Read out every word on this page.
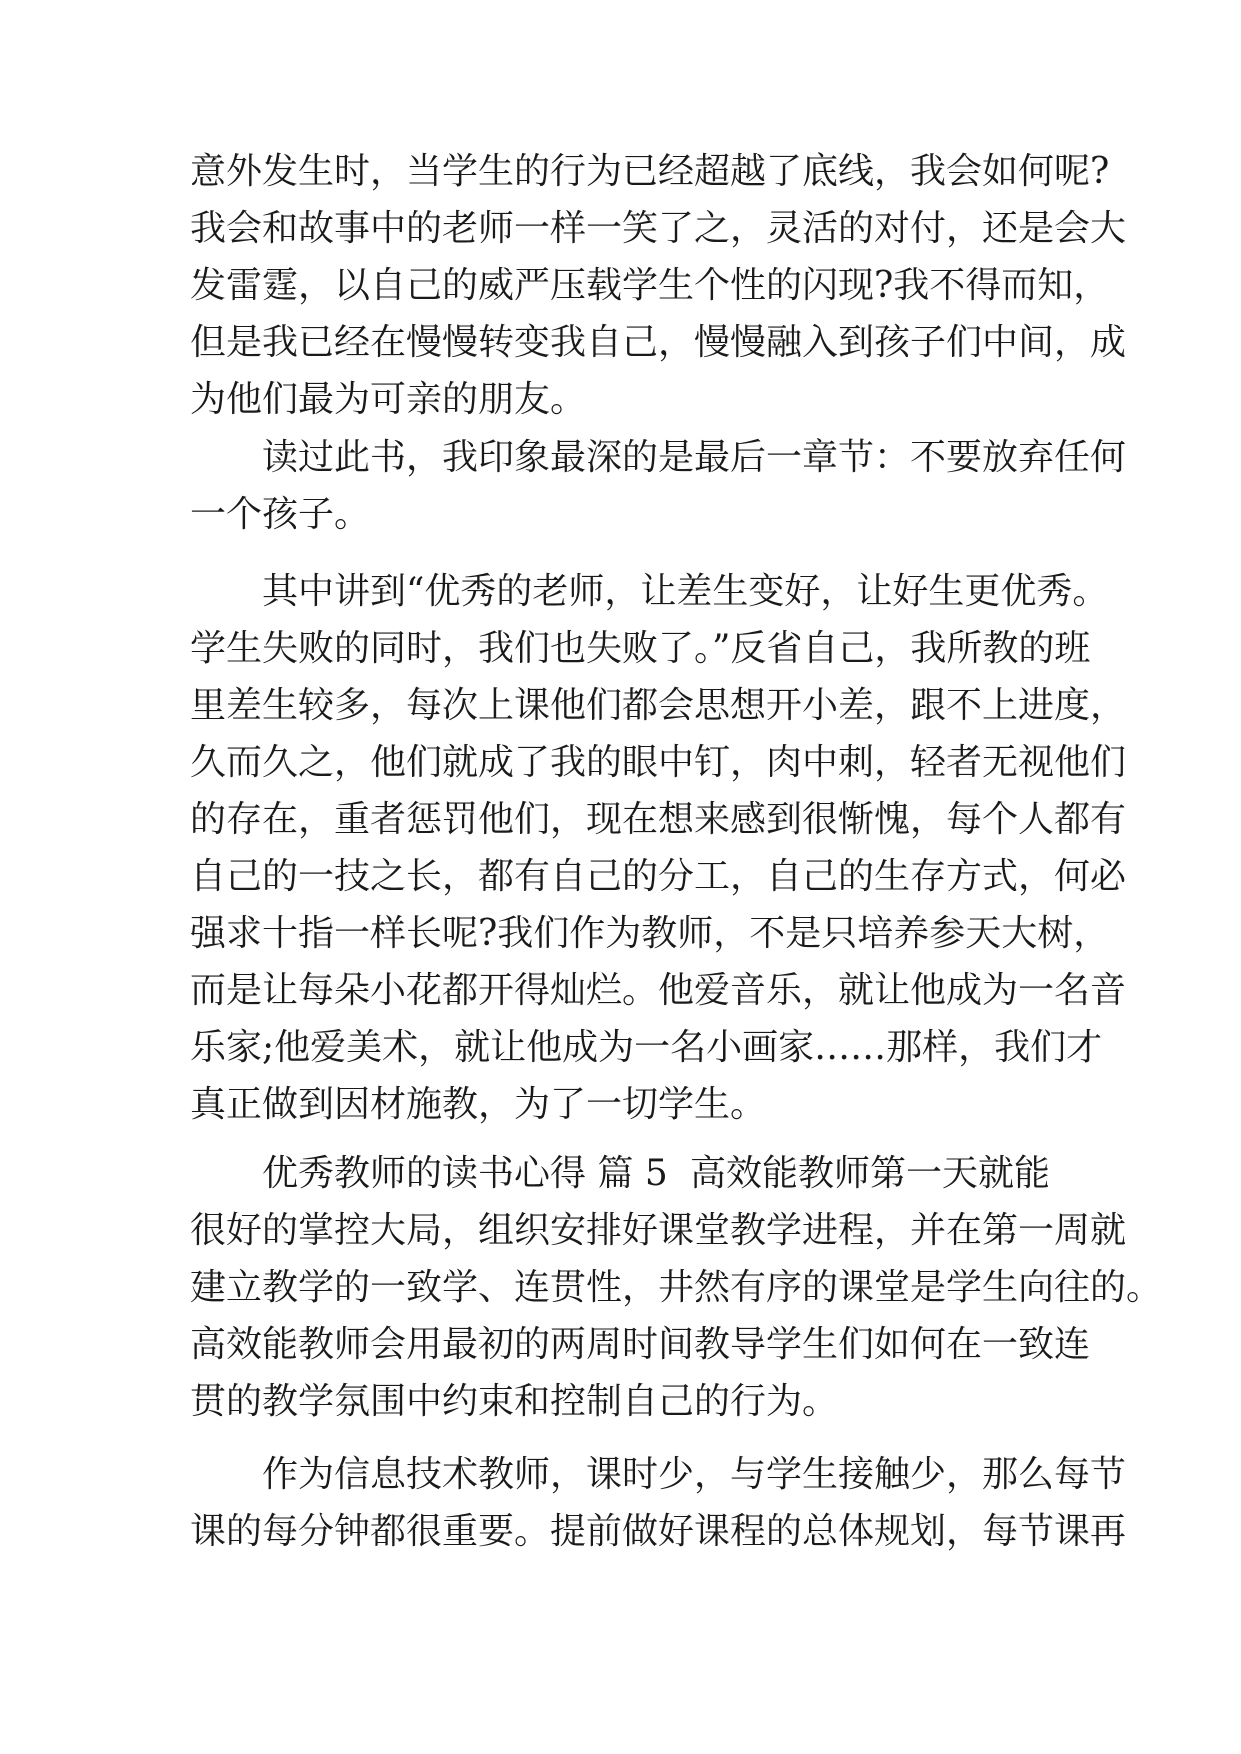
意外发生时，当学生的行为已经超越了底线，我会如何呢?
我会和故事中的老师一样一笑了之，灵活的对付，还是会大
发雷霆，以自己的威严压载学生个性的闪现?我不得而知，
但是我已经在慢慢转变我自己，慢慢融入到孩子们中间，成
为他们最为可亲的朋友。
读过此书，我印象最深的是最后一章节：不要放弃任何
一个孩子。
其中讲到“优秀的老师，让差生变好，让好生更优秀。
学生失败的同时，我们也失败了。”反省自己，我所教的班
里差生较多，每次上课他们都会思想开小差，跟不上进度，
久而久之，他们就成了我的眼中钉，肉中刺，轻者无视他们
的存在，重者惩罚他们，现在想来感到很惭愧，每个人都有
自己的一技之长，都有自己的分工，自己的生存方式，何必
强求十指一样长呢?我们作为教师，不是只培养参天大树，
而是让每朵小花都开得灿烂。他爱音乐，就让他成为一名音
乐家;他爱美术，就让他成为一名小画家……那样，我们才
真正做到因材施教，为了一切学生。
优秀教师的读书心得 篇 5 高效能教师第一天就能
很好的掌控大局，组织安排好课堂教学进程，并在第一周就
建立教学的一致学、连贯性，井然有序的课堂是学生向往的。
高效能教师会用最初的两周时间教导学生们如何在一致连
贯的教学氛围中约束和控制自己的行为。
作为信息技术教师，课时少，与学生接触少，那么每节
课的每分钟都很重要。提前做好课程的总体规划，每节课再
